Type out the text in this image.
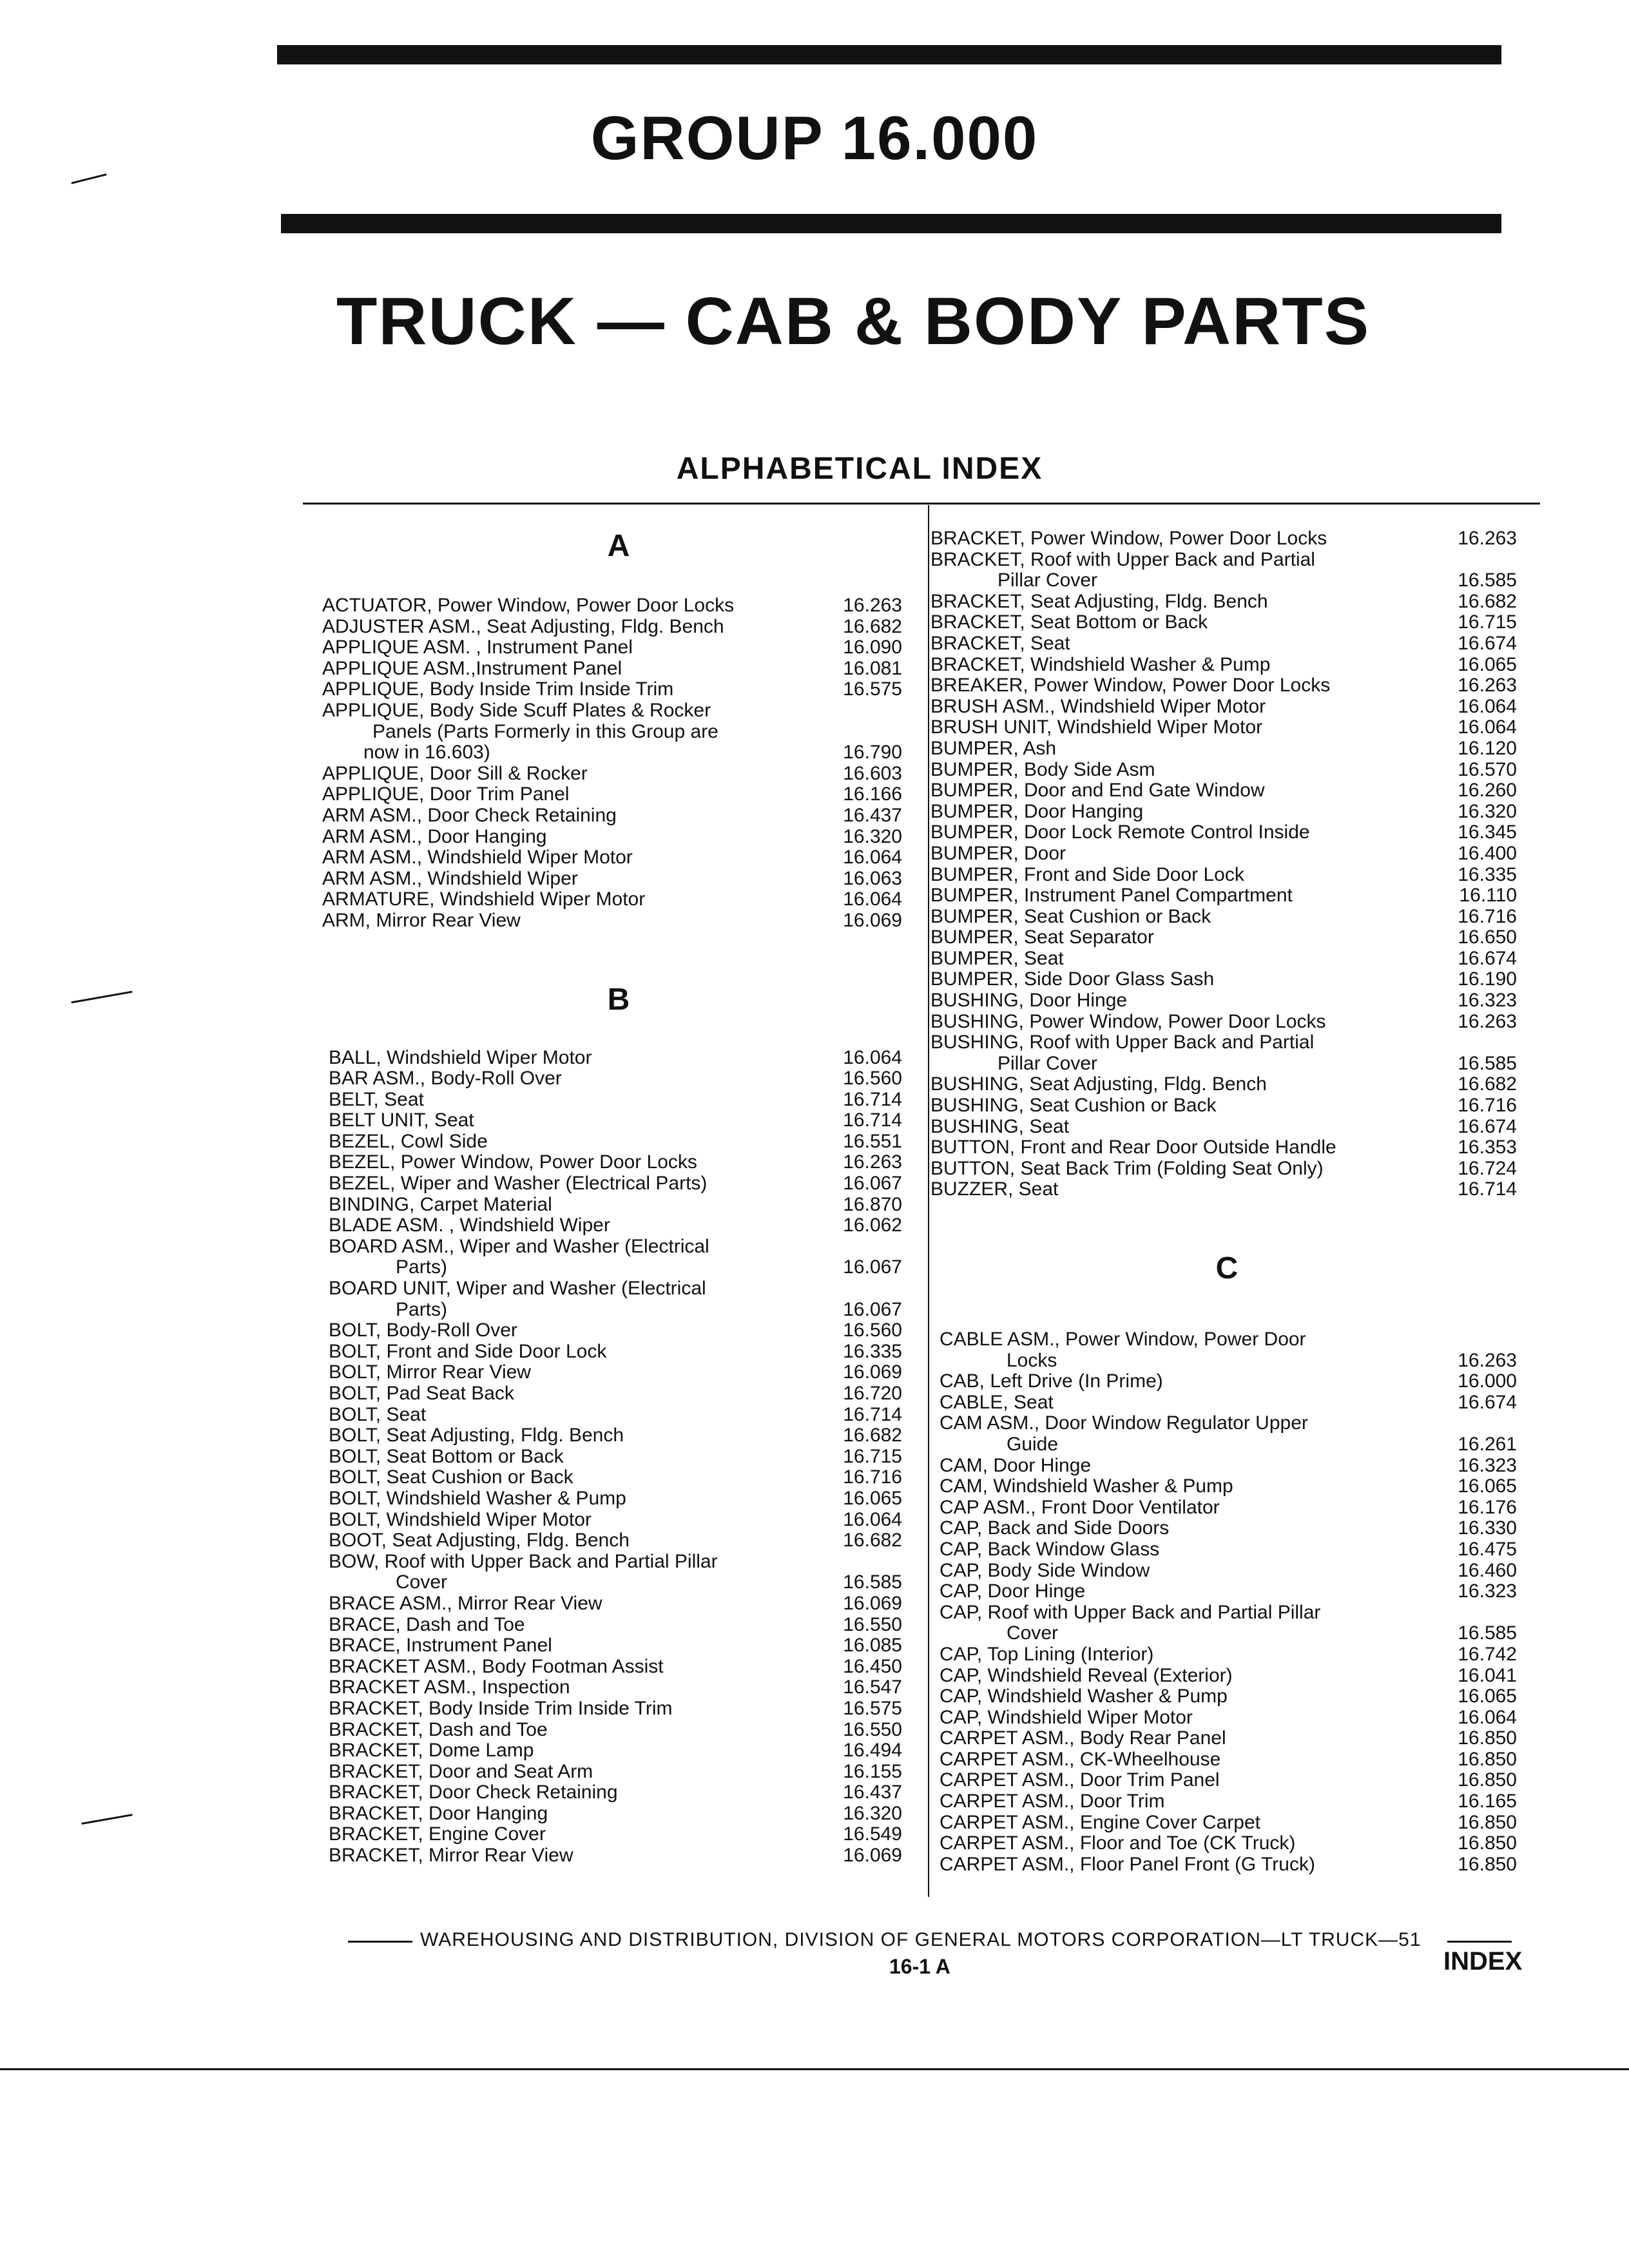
GROUP 16.000
TRUCK — CAB & BODY PARTS
ALPHABETICAL INDEX
A
ACTUATOR, Power Window, Power Door Locks	16.263
ADJUSTER ASM., Seat Adjusting, Fldg. Bench	16.682
APPLIQUE ASM. , Instrument Panel	16.090
APPLIQUE ASM.,Instrument Panel	16.081
APPLIQUE, Body Inside Trim Inside Trim	16.575
APPLIQUE, Body Side Scuff Plates & Rocker
Panels (Parts Formerly in this Group are
now in 16.603)	16.790
APPLIQUE, Door Sill & Rocker	16.603
APPLIQUE, Door Trim Panel	16.166
ARM ASM., Door Check Retaining	16.437
ARM ASM., Door Hanging	16.320
ARM ASM., Windshield Wiper Motor	16.064
ARM ASM., Windshield Wiper	16.063
ARMATURE, Windshield Wiper Motor	16.064
ARM, Mirror Rear View	16.069
B
BALL, Windshield Wiper Motor	16.064
BAR ASM., Body-Roll Over	16.560
BELT, Seat	16.714
BELT UNIT, Seat	16.714
BEZEL, Cowl Side	16.551
BEZEL, Power Window, Power Door Locks	16.263
BEZEL, Wiper and Washer (Electrical Parts)	16.067
BINDING, Carpet Material	16.870
BLADE ASM. , Windshield Wiper	16.062
BOARD ASM., Wiper and Washer (Electrical
Parts)	16.067
BOARD UNIT, Wiper and Washer (Electrical
Parts)	16.067
BOLT, Body-Roll Over	16.560
BOLT, Front and Side Door Lock	16.335
BOLT, Mirror Rear View	16.069
BOLT, Pad Seat Back	16.720
BOLT, Seat	16.714
BOLT, Seat Adjusting, Fldg. Bench	16.682
BOLT, Seat Bottom or Back	16.715
BOLT, Seat Cushion or Back	16.716
BOLT, Windshield Washer & Pump	16.065
BOLT, Windshield Wiper Motor	16.064
BOOT, Seat Adjusting, Fldg. Bench	16.682
BOW, Roof with Upper Back and Partial Pillar
Cover	16.585
BRACE ASM., Mirror Rear View	16.069
BRACE, Dash and Toe	16.550
BRACE, Instrument Panel	16.085
BRACKET ASM., Body Footman Assist	16.450
BRACKET ASM., Inspection	16.547
BRACKET, Body Inside Trim Inside Trim	16.575
BRACKET, Dash and Toe	16.550
BRACKET, Dome Lamp	16.494
BRACKET, Door and Seat Arm	16.155
BRACKET, Door Check Retaining	16.437
BRACKET, Door Hanging	16.320
BRACKET, Engine Cover	16.549
BRACKET, Mirror Rear View	16.069
BRACKET, Power Window, Power Door Locks	16.263
BRACKET, Roof with Upper Back and Partial
Pillar Cover	16.585
BRACKET, Seat Adjusting, Fldg. Bench	16.682
BRACKET, Seat Bottom or Back	16.715
BRACKET, Seat	16.674
BRACKET, Windshield Washer & Pump	16.065
BREAKER, Power Window, Power Door Locks	16.263
BRUSH ASM., Windshield Wiper Motor	16.064
BRUSH UNIT, Windshield Wiper Motor	16.064
BUMPER, Ash	16.120
BUMPER, Body Side Asm	16.570
BUMPER, Door and End Gate Window	16.260
BUMPER, Door Hanging	16.320
BUMPER, Door Lock Remote Control Inside	16.345
BUMPER, Door	16.400
BUMPER, Front and Side Door Lock	16.335
BUMPER, Instrument Panel Compartment	16.110
BUMPER, Seat Cushion or Back	16.716
BUMPER, Seat Separator	16.650
BUMPER, Seat	16.674
BUMPER, Side Door Glass Sash	16.190
BUSHING, Door Hinge	16.323
BUSHING, Power Window, Power Door Locks	16.263
BUSHING, Roof with Upper Back and Partial
Pillar Cover	16.585
BUSHING, Seat Adjusting, Fldg. Bench	16.682
BUSHING, Seat Cushion or Back	16.716
BUSHING, Seat	16.674
BUTTON, Front and Rear Door Outside Handle	16.353
BUTTON, Seat Back Trim (Folding Seat Only)	16.724
BUZZER, Seat	16.714
C
CABLE ASM., Power Window, Power Door
Locks	16.263
CAB, Left Drive (In Prime)	16.000
CABLE, Seat	16.674
CAM ASM., Door Window Regulator Upper
Guide	16.261
CAM, Door Hinge	16.323
CAM, Windshield Washer & Pump	16.065
CAP ASM., Front Door Ventilator	16.176
CAP, Back and Side Doors	16.330
CAP, Back Window Glass	16.475
CAP, Body Side Window	16.460
CAP, Door Hinge	16.323
CAP, Roof with Upper Back and Partial Pillar
Cover	16.585
CAP, Top Lining (Interior)	16.742
CAP, Windshield Reveal (Exterior)	16.041
CAP, Windshield Washer & Pump	16.065
CAP, Windshield Wiper Motor	16.064
CARPET ASM., Body Rear Panel	16.850
CARPET ASM., CK-Wheelhouse	16.850
CARPET ASM., Door Trim Panel	16.850
CARPET ASM., Door Trim	16.165
CARPET ASM., Engine Cover Carpet	16.850
CARPET ASM., Floor and Toe (CK Truck)	16.850
CARPET ASM., Floor Panel Front (G Truck)	16.850
WAREHOUSING AND DISTRIBUTION, DIVISION OF GENERAL MOTORS CORPORATION—LT TRUCK—51
16-1 A	INDEX
